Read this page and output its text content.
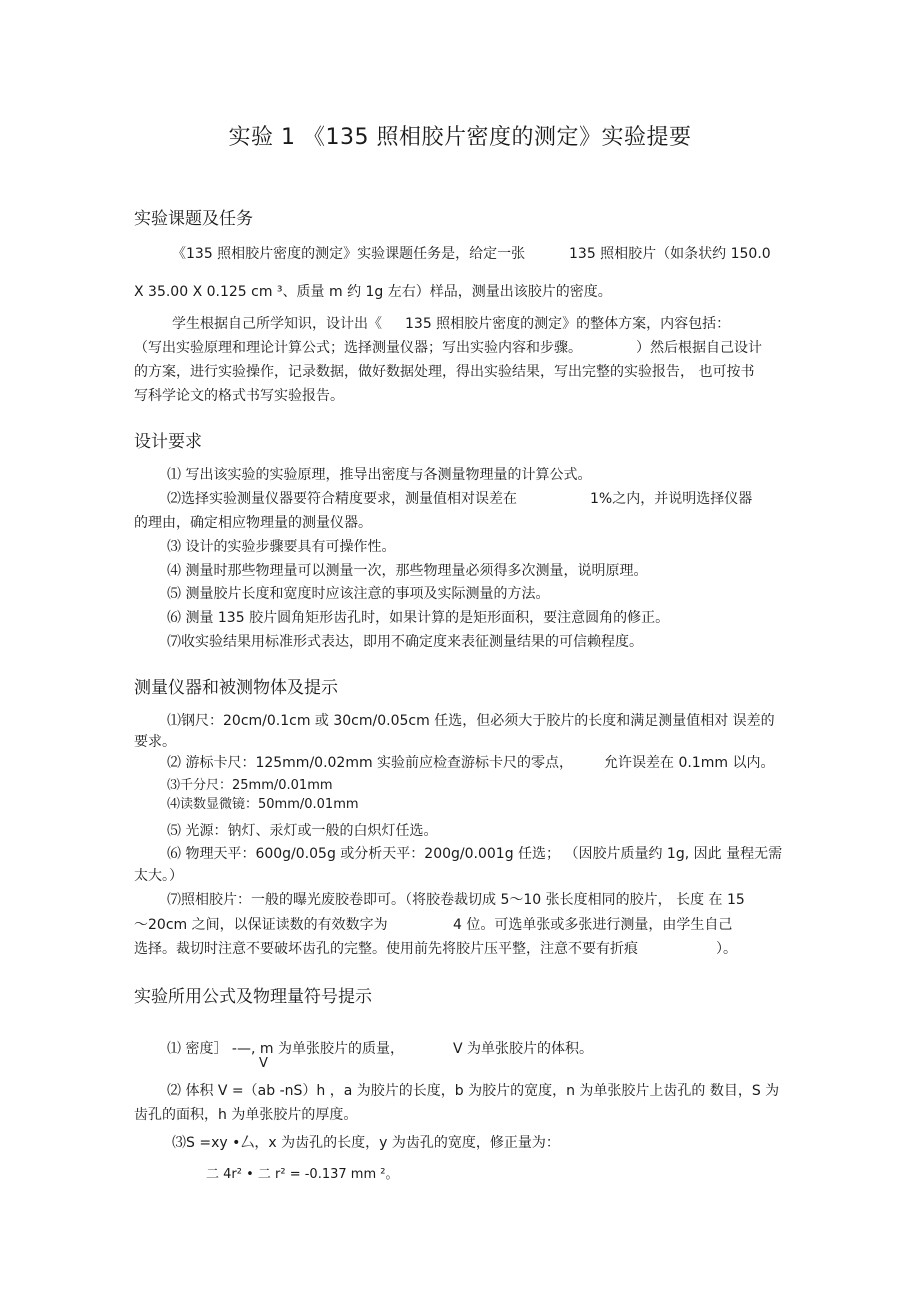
实验 1 《135 照相胶片密度的测定》实验提要
实验课题及任务
《135 照相胶片密度的测定》实验课题任务是，给定一张	135 照相胶片（如条状约 150.0
X 35.00 X 0.125 cm ³、质量 m 约 1g 左右）样品，测量出该胶片的密度。
学生根据自己所学知识，设计出《 135 照相胶片密度的测定》的整体方案，内容包括：
（写出实验原理和理论计算公式；选择测量仪器；写出实验内容和步骤。	）然后根据自己设计
的方案，进行实验操作，记录数据，做好数据处理，得出实验结果，写出完整的实验报告， 也可按书
写科学论文的格式书写实验报告。
设计要求
⑴ 写出该实验的实验原理，推导出密度与各测量物理量的计算公式。
⑵选择实验测量仪器要符合精度要求，测量值相对误差在	1%之内，并说明选择仪器
的理由，确定相应物理量的测量仪器。
⑶ 设计的实验步骤要具有可操作性。
⑷ 测量时那些物理量可以测量一次，那些物理量必须得多次测量，说明原理。
⑸ 测量胶片长度和宽度时应该注意的事项及实际测量的方法。
⑹ 测量 135 胶片圆角矩形齿孔时，如果计算的是矩形面积，要注意圆角的修正。
⑺收实验结果用标准形式表达，即用不确定度来表征测量结果的可信赖程度。
测量仪器和被测物体及提示
⑴钢尺：20cm/0.1cm 或 30cm/0.05cm 任选，但必须大于胶片的长度和满足测量值相对 误差的
要求。
⑵ 游标卡尺：125mm/0.02mm 实验前应检查游标卡尺的零点， 允许误差在 0.1mm 以内。
⑶千分尺：25mm/0.01mm
⑷读数显微镜：50mm/0.01mm
⑸ 光源：钠灯、汞灯或一般的白炽灯任选。
⑹ 物理天平：600g/0.05g 或分析天平：200g/0.001g 任选； （因胶片质量约 1g, 因此 量程无需
太大。）
⑺照相胶片：一般的曝光废胶卷即可。（将胶卷裁切成 5〜10 张长度相同的胶片， 长度 在 15
〜20cm 之间，以保证读数的有效数字为	4 位。可选单张或多张进行测量，由学生自己
选择。裁切时注意不要破坏齿孔的完整。使用前先将胶片压平整，注意不要有折痕	）。
实验所用公式及物理量符号提示
⑴ 密度］ -—, m 为单张胶片的质量，	V 为单张胶片的体积。
V
⑵ 体积 V =（ab -nS）h ，a 为胶片的长度，b 为胶片的宽度，n 为单张胶片上齿孔的 数目，S 为
齿孔的面积，h 为单张胶片的厚度。
⑶S =xy •厶，x 为齿孔的长度，y 为齿孔的宽度，修正量为：
二 4r² • 二 r² = -0.137 mm ²。
